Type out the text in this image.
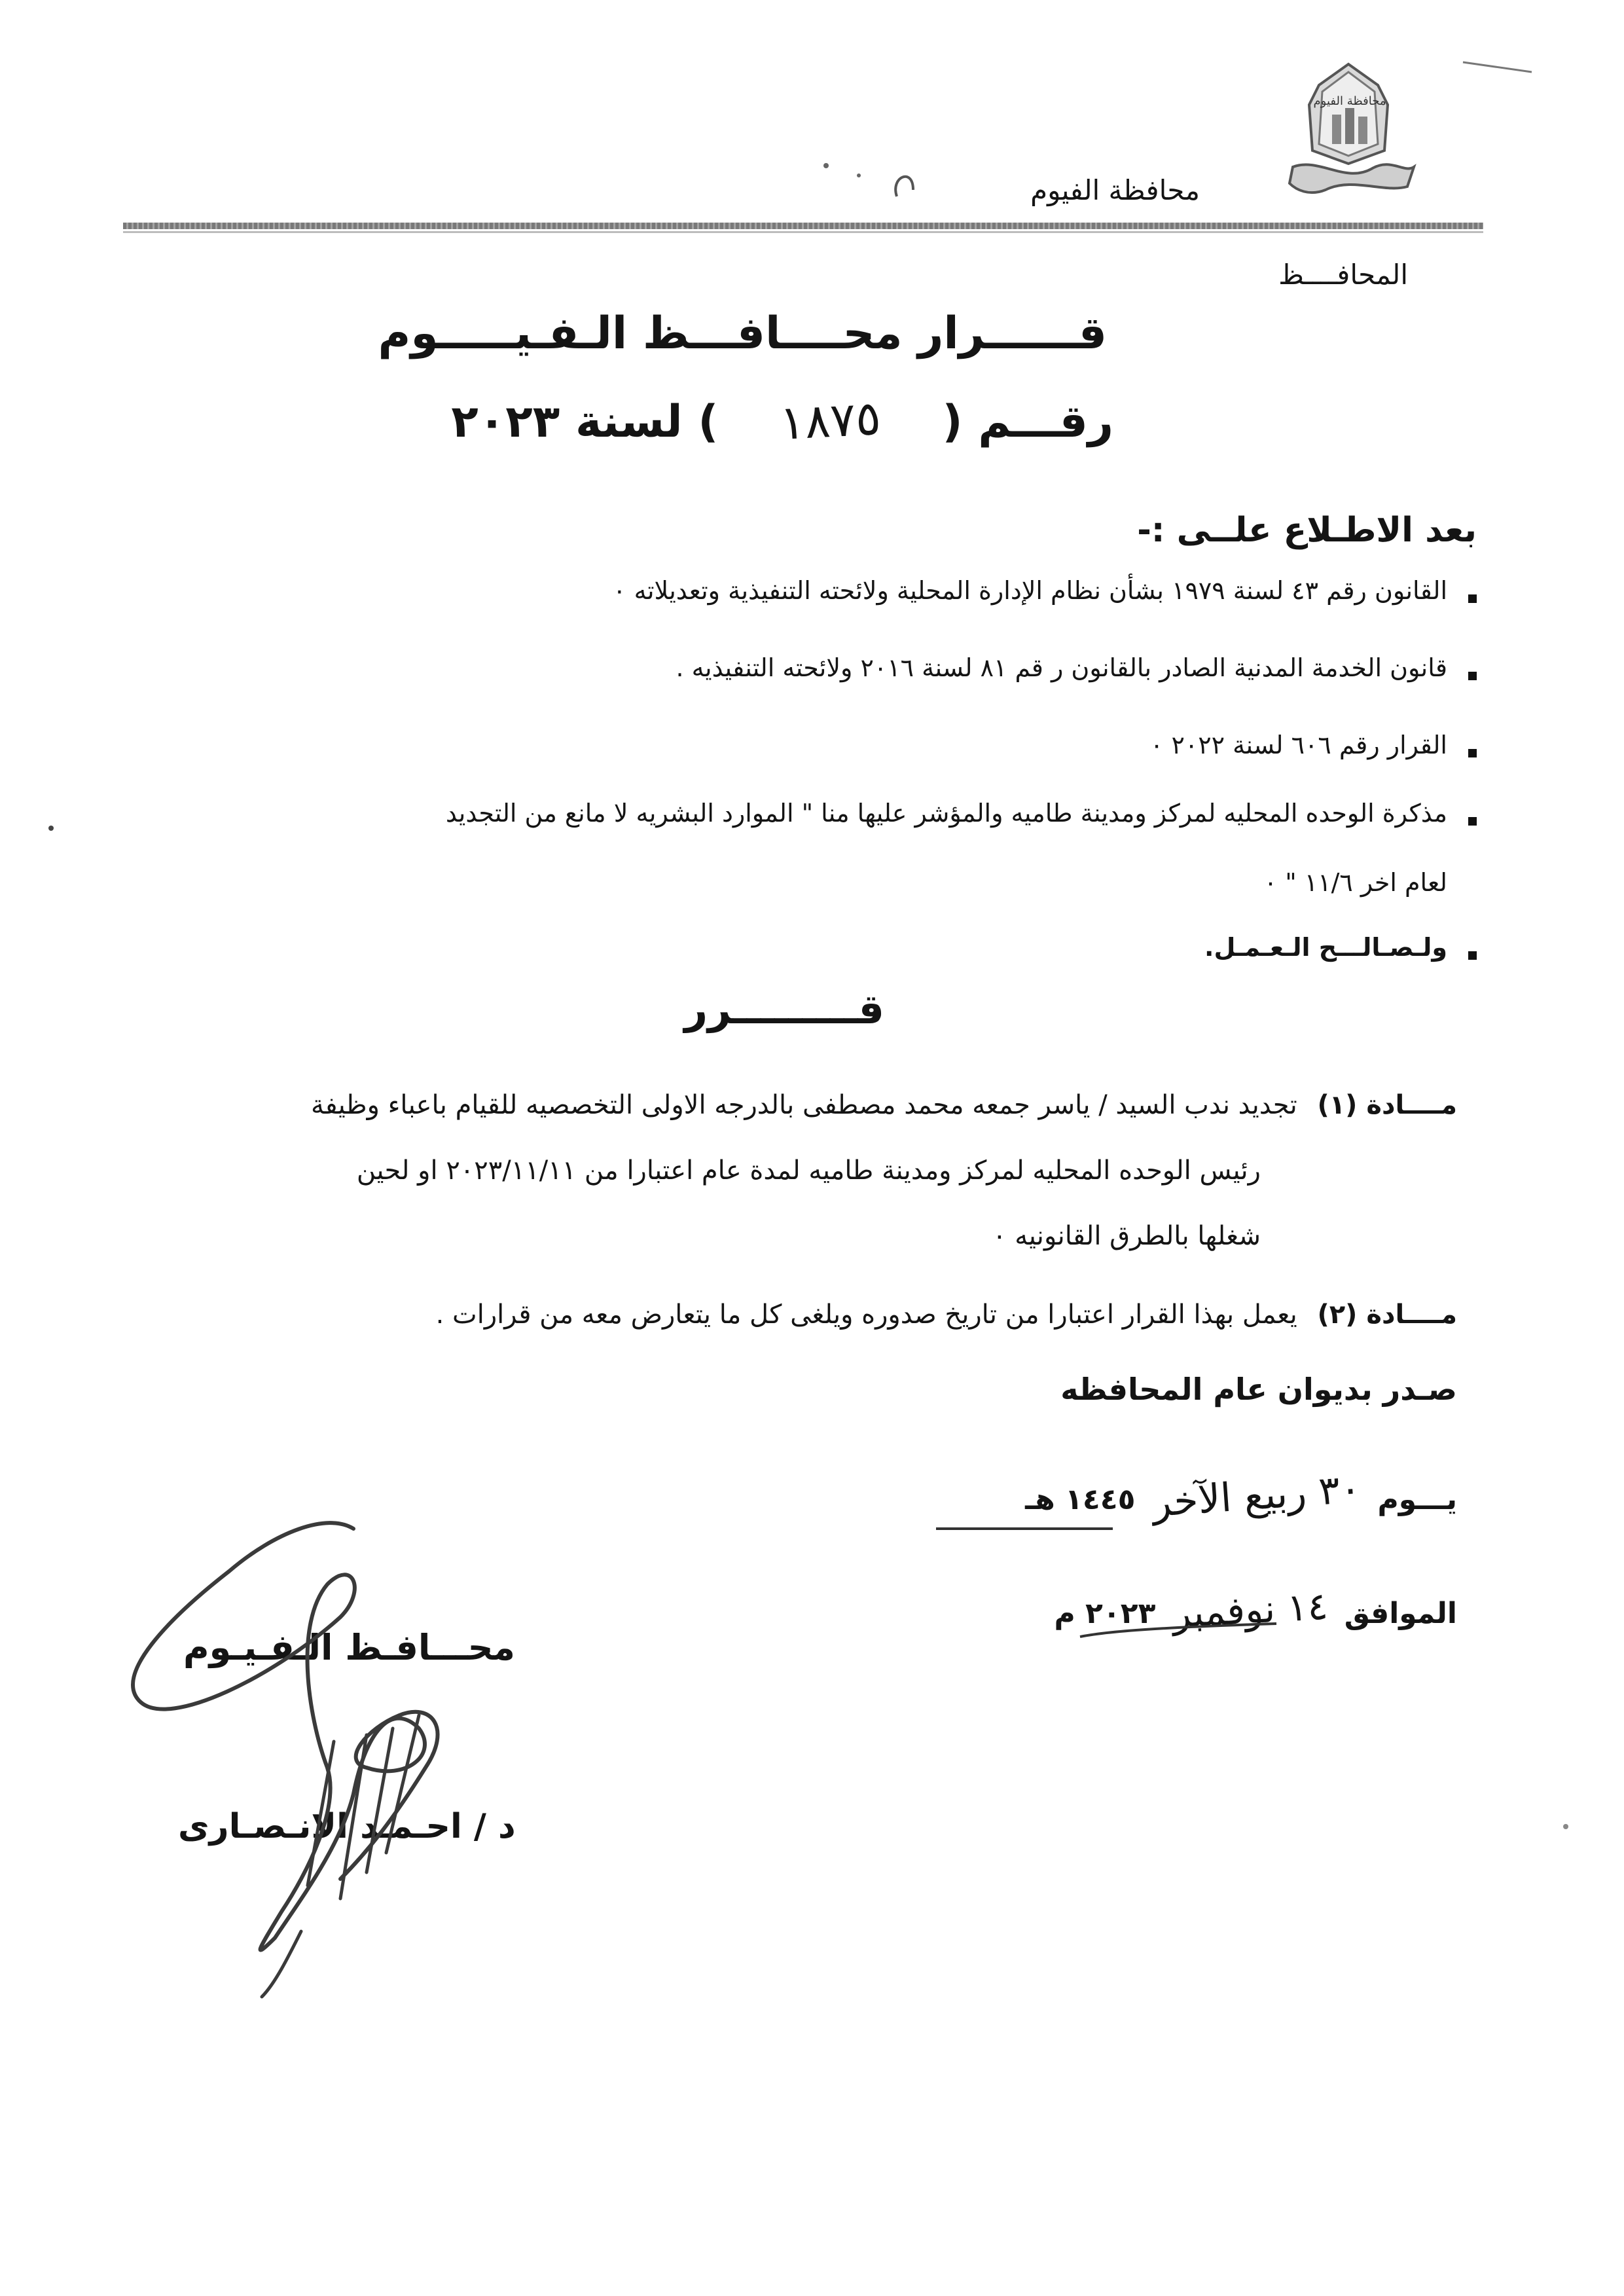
محافظة الفيوم
محافظة الفيوم
المحافــــظ
قــــــرار محــــافـــظ الـفـيـــــوم
رقـــم ( ١٨٧٥ ) لسنة ٢٠٢٣
بعد الاطـلاع علــى :-
القانون رقم ٤٣ لسنة ١٩٧٩ بشأن نظام الإدارة المحلية ولائحته التنفيذية وتعديلاته ٠
قانون الخدمة المدنية الصادر بالقانون ر قم ٨١ لسنة ٢٠١٦ ولائحته التنفيذيه .
القرار رقم ٦٠٦ لسنة ٢٠٢٢ ٠
مذكرة الوحده المحليه لمركز ومدينة طاميه والمؤشر عليها منا " الموارد البشريه لا مانع من التجديد
لعام اخر ١١/٦ " ٠
ولـصـالـــح الـعـمـل.
قـــــــــرر
مــــادة (١) تجديد ندب السيد / ياسر جمعه محمد مصطفى بالدرجه الاولى التخصصيه للقيام باعباء وظيفة
رئيس الوحده المحليه لمركز ومدينة طاميه لمدة عام اعتبارا من ٢٠٢٣/١١/١١ او لحين
شغلها بالطرق القانونيه ٠
مــــادة (٢) يعمل بهذا القرار اعتبارا من تاريخ صدوره ويلغى كل ما يتعارض معه من قرارات .
صـدر بديوان عام المحافظه
يـــوم ٣٠ ربيع الآخر ١٤٤٥ هـ
الموافق ١٤ نوفمبر ٢٠٢٣ م
محـــافـظ الـفـيـوم
د / احـمـد الانـصـارى
